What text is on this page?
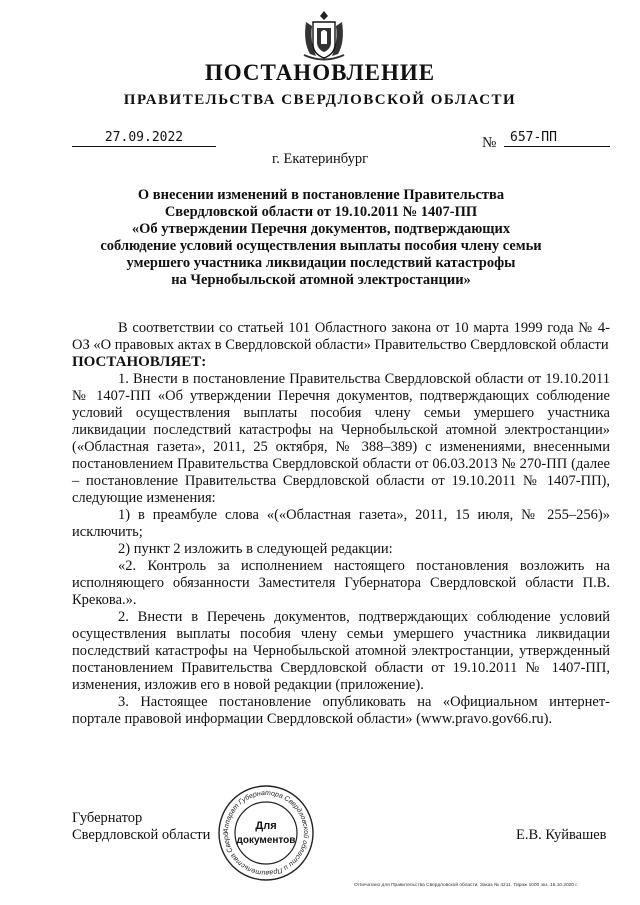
ПОСТАНОВЛЕНИЕ
ПРАВИТЕЛЬСТВА СВЕРДЛОВСКОЙ ОБЛАСТИ
27.09.2022	№	657-ПП
г. Екатеринбург
О внесении изменений в постановление Правительства
Свердловской области от 19.10.2011 № 1407-ПП
«Об утверждении Перечня документов, подтверждающих
соблюдение условий осуществления выплаты пособия члену семьи
умершего участника ликвидации последствий катастрофы
на Чернобыльской атомной электростанции»

В соответствии со статьей 101 Областного закона от 10 марта 1999 года № 4-ОЗ «О правовых актах в Свердловской области» Правительство Свердловской области

ПОСТАНОВЛЯЕТ:

1. Внести в постановление Правительства Свердловской области от 19.10.2011 № 1407-ПП «Об утверждении Перечня документов, подтверждающих соблюдение условий осуществления выплаты пособия члену семьи умершего участника ликвидации последствий катастрофы на Чернобыльской атомной электростанции» («Областная газета», 2011, 25 октября, № 388–389) с изменениями, внесенными постановлением Правительства Свердловской области от 06.03.2013 № 270-ПП (далее – постановление Правительства Свердловской области от 19.10.2011 № 1407-ПП), следующие изменения:

1) в преамбуле слова «(«Областная газета», 2011, 15 июля, № 255–256)» исключить;

2) пункт 2 изложить в следующей редакции:

«2. Контроль за исполнением настоящего постановления возложить на исполняющего обязанности Заместителя Губернатора Свердловской области П.В. Крекова.».

2. Внести в Перечень документов, подтверждающих соблюдение условий осуществления выплаты пособия члену семьи умершего участника ликвидации последствий катастрофы на Чернобыльской атомной электростанции, утвержденный постановлением Правительства Свердловской области от 19.10.2011 № 1407-ПП, изменения, изложив его в новой редакции (приложение).

3. Настоящее постановление опубликовать на «Официальном интернет-портале правовой информации Свердловской области» (www.pravo.gov66.ru).

Губернатор
Свердловской области	Аппарат Губернатора Свердловской области и Правительства Сверд
Для
документов	Е.В. Куйвашев
Отпечатано для Правительства Свердловской области. Заказ № 4211. Тираж 1000 экз. 16.10.2020 г.
